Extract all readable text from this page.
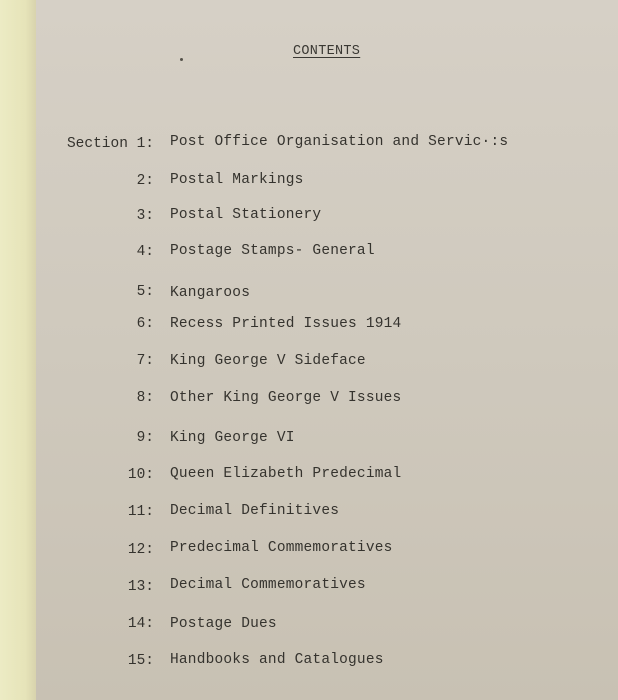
CONTENTS
Section 1: Post Office Organisation and Servic·:s
2: Postal Markings
3: Postal Stationery
4: Postage Stamps- General
5: Kangaroos
6: Recess Printed Issues 1914
7: King George V Sideface
8: Other King George V Issues
9: King George VI
10: Queen Elizabeth Predecimal
11: Decimal Definitives
12: Predecimal Commemoratives
13: Decimal Commemoratives
14: Postage Dues
15: Handbooks and Catalogues
